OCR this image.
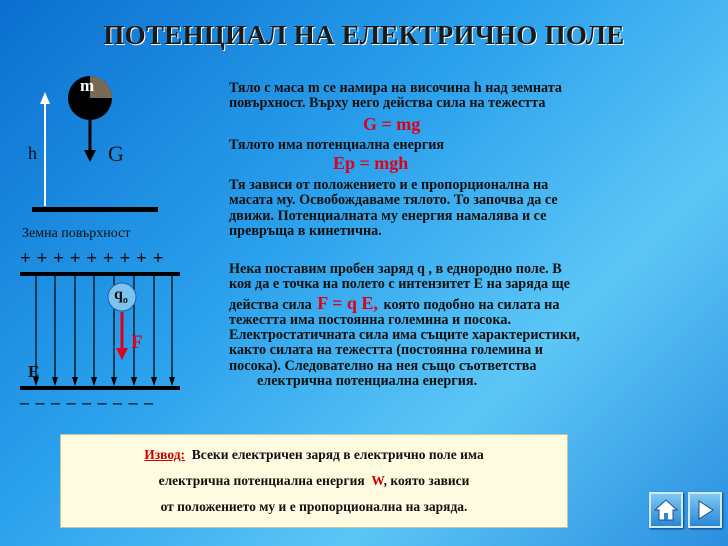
ПОТЕНЦИАЛ НА ЕЛЕКТРИЧНО ПОЛЕ
m
h	G
Земна повърхност
+ + + + + + + + +
$q_o$
F
E
– – – – – – – – –
Тяло с маса m се намира на височина h над земната
повърхност. Върху него действа сила на тежестта
G = mg
Тялото има потенциална енергия
Ep = mgh
Тя зависи от положението и е пропорционална на
масата му. Освобождаваме тялото. То започва да се
движи. Потенциалната му енергия намалява и се
превръща в кинетична.
Нека поставим пробен заряд q , в еднородно поле. В
коя да е точка на полето с интензитет Е на заряда ще
действа сила F = q E, която подобно на силата на
тежестта има постоянна големина и посока.
Електростатичната сила има същите характеристики,
както силата на тежестта (постоянна големина и
посока). Следователно на нея също съответства
електрична потенциална енергия.

Извод: Всеки електричен заряд в електрично поле има

електрична потенциална енергия W, която зависи

от положението му и е пропорционална на заряда.
